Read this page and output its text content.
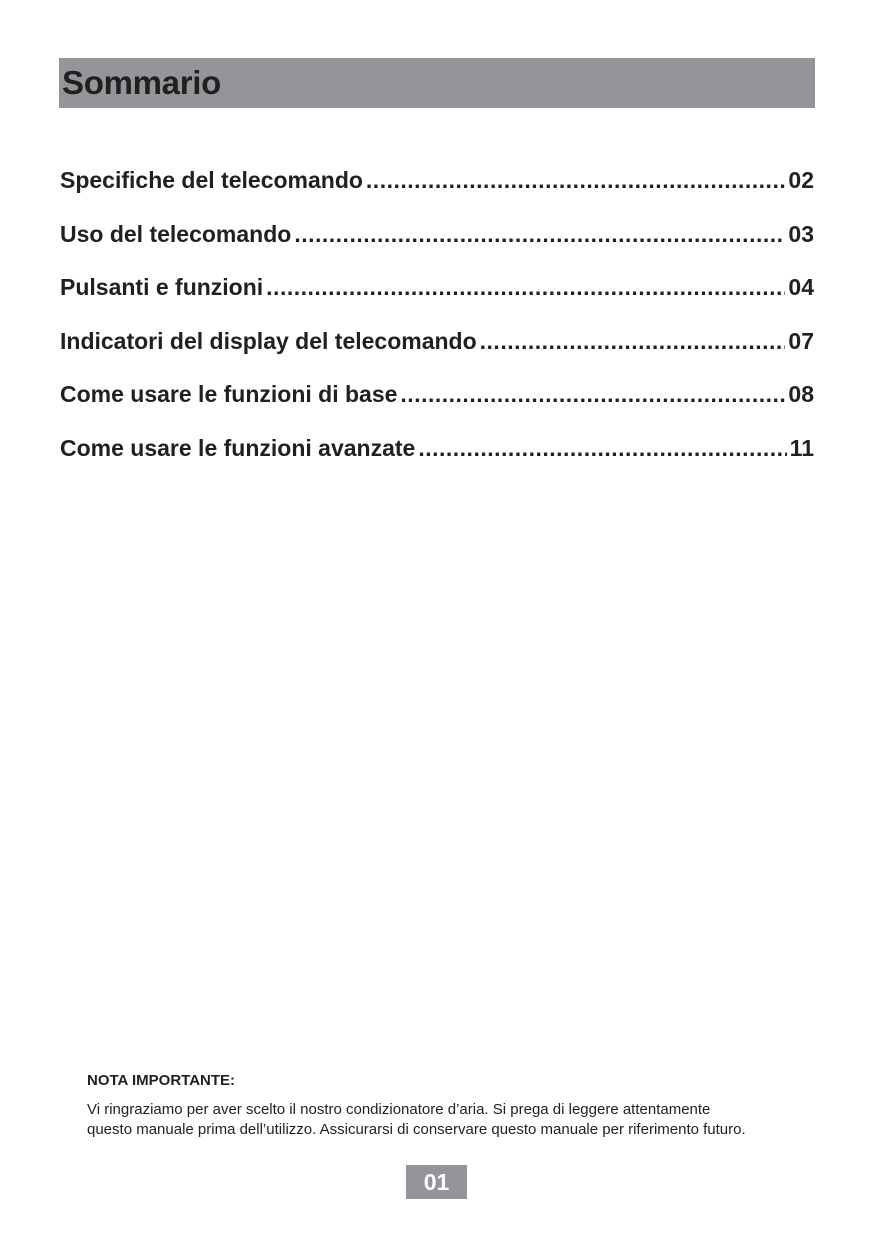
Sommario
Specifiche del telecomando .....	02
Uso del telecomando .....	03
Pulsanti e funzioni .....	04
Indicatori del display del telecomando .....	07
Come usare le funzioni di base .....	08
Come usare le funzioni avanzate .....	11

NOTA IMPORTANTE:

Vi ringraziamo per aver scelto il nostro condizionatore d’aria. Si prega di leggere attentamente
questo manuale prima dell’utilizzo. Assicurarsi di conservare questo manuale per riferimento futuro.

01
